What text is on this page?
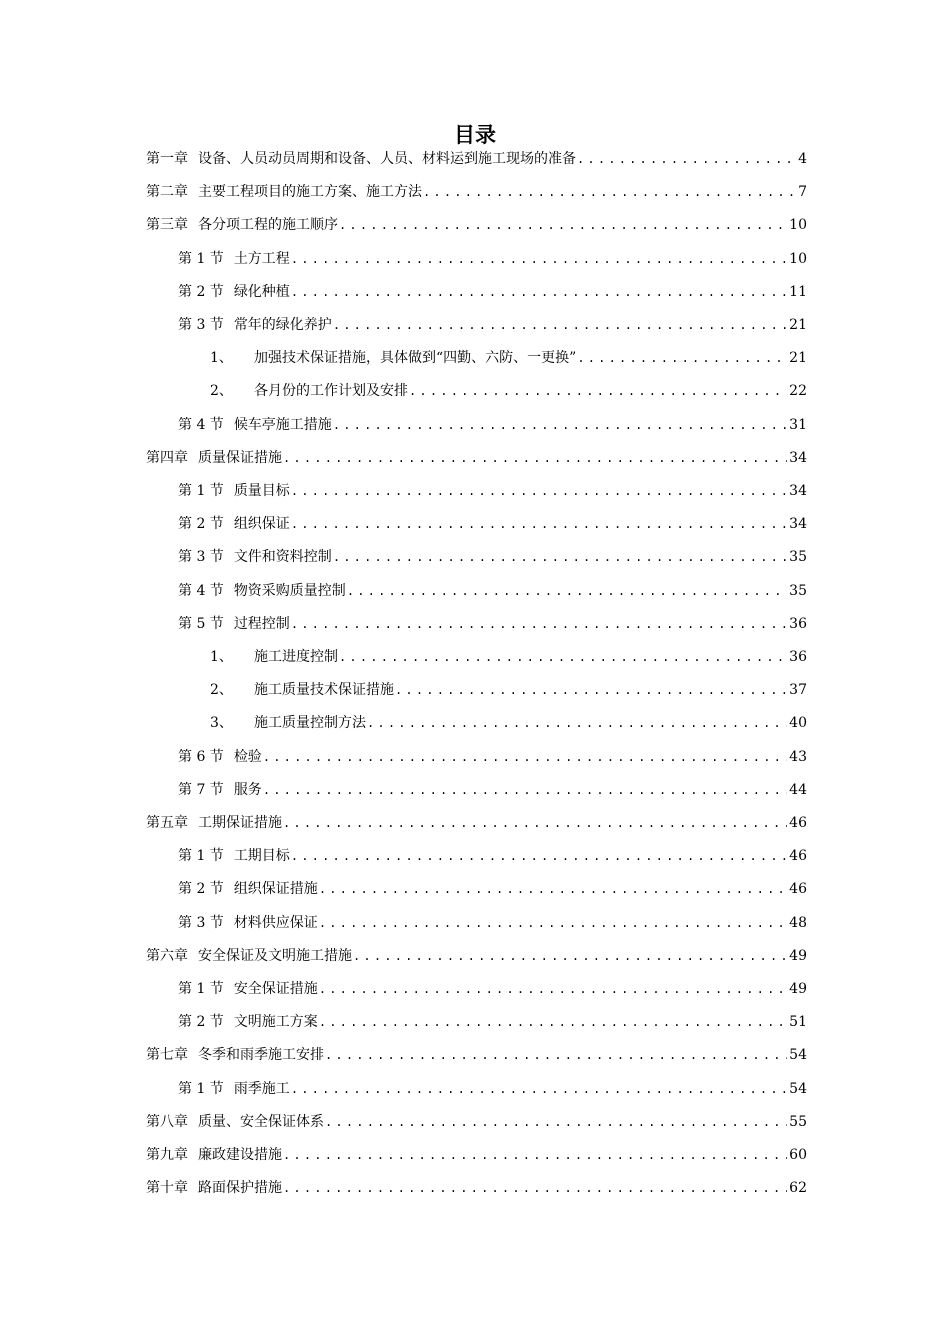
目录
第一章 设备、人员动员周期和设备、人员、材料运到施工现场的准备 .....	4
第二章 主要工程项目的施工方案、施工方法 .....	7
第三章 各分项工程的施工顺序 .....	10
第 1 节 土方工程 .....	10
第 2 节 绿化种植 .....	11
第 3 节 常年的绿化养护 .....	21
1、 加强技术保证措施，具体做到“四勤、六防、一更换” .....	21
2、 各月份的工作计划及安排 .....	22
第 4 节 候车亭施工措施 .....	31
第四章 质量保证措施 .....	34
第 1 节 质量目标 .....	34
第 2 节 组织保证 .....	34
第 3 节 文件和资料控制 .....	35
第 4 节 物资采购质量控制 .....	35
第 5 节 过程控制 .....	36
1、 施工进度控制 .....	36
2、 施工质量技术保证措施 .....	37
3、 施工质量控制方法 .....	40
第 6 节 检验 .....	43
第 7 节 服务 .....	44
第五章 工期保证措施 .....	46
第 1 节 工期目标 .....	46
第 2 节 组织保证措施 .....	46
第 3 节 材料供应保证 .....	48
第六章 安全保证及文明施工措施 .....	49
第 1 节 安全保证措施 .....	49
第 2 节 文明施工方案 .....	51
第七章 冬季和雨季施工安排 .....	54
第 1 节 雨季施工 .....	54
第八章 质量、安全保证体系 .....	55
第九章 廉政建设措施 .....	60
第十章 路面保护措施 .....	62
